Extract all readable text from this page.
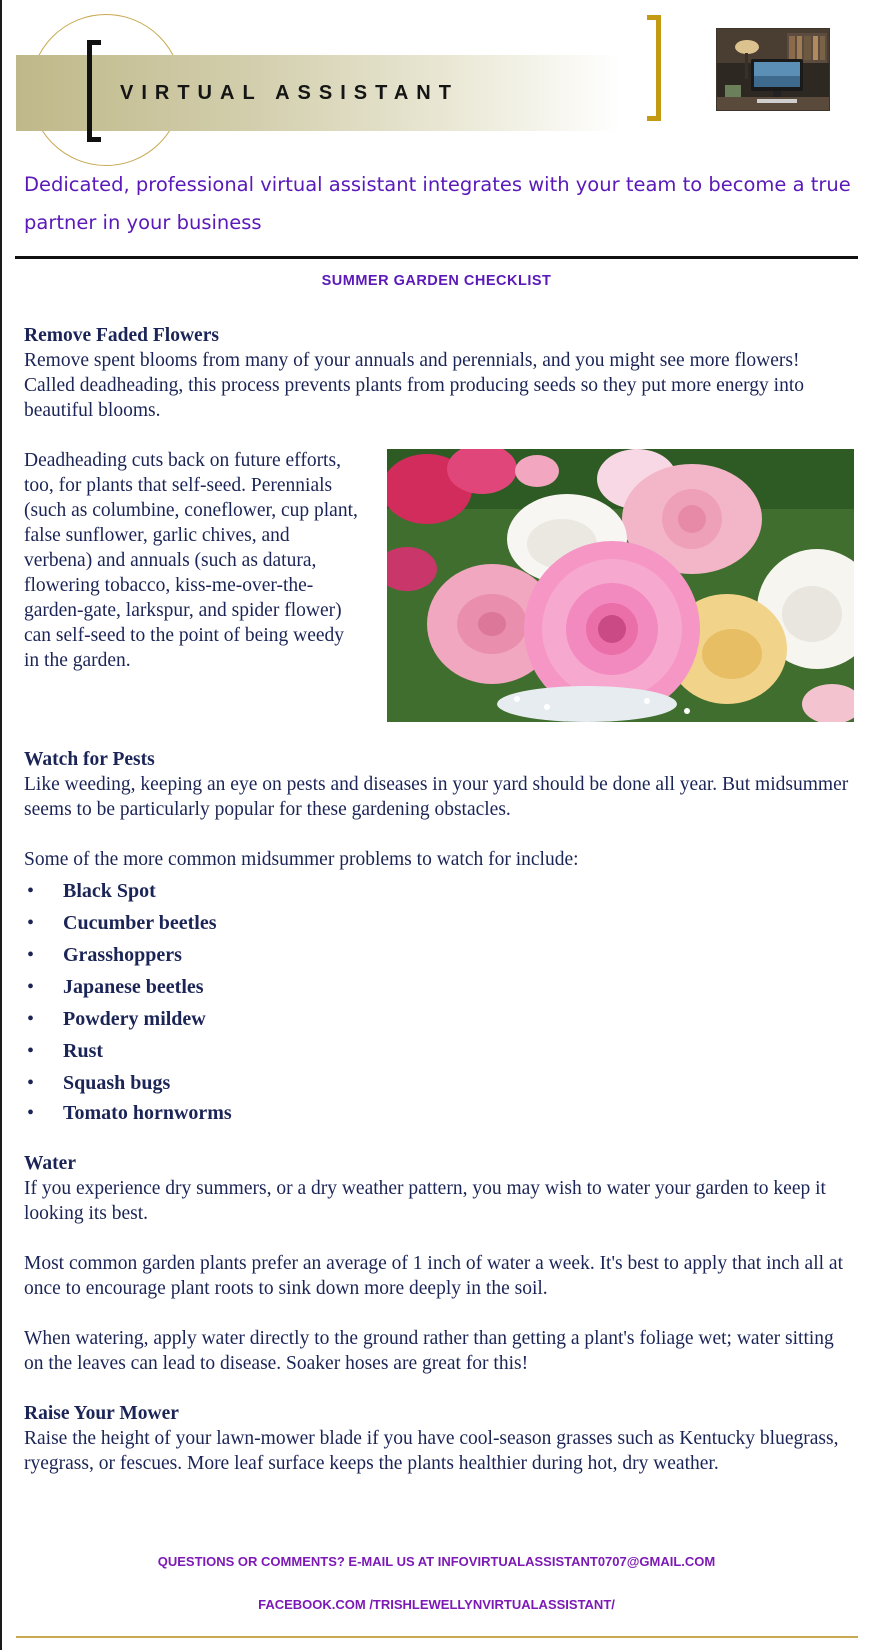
VIRTUAL ASSISTANT
Dedicated, professional virtual assistant integrates with your team to become a true partner in your business
SUMMER GARDEN CHECKLIST

Remove Faded Flowers

Remove spent blooms from many of your annuals and perennials, and you might see more flowers! Called deadheading, this process prevents plants from producing seeds so they put more energy into beautiful blooms.

Deadheading cuts back on future efforts, too, for plants that self-seed. Perennials (such as columbine, coneflower, cup plant, false sunflower, garlic chives, and verbena) and annuals (such as datura, flowering tobacco, kiss-me-over-the-garden-gate, larkspur, and spider flower) can self-seed to the point of being weedy in the garden.

Watch for Pests

Like weeding, keeping an eye on pests and diseases in your yard should be done all year. But midsummer seems to be particularly popular for these gardening obstacles.

Some of the more common midsummer problems to watch for include:

• Black Spot
• Cucumber beetles
• Grasshoppers
• Japanese beetles
• Powdery mildew
• Rust
• Squash bugs
• Tomato hornworms

Water

If you experience dry summers, or a dry weather pattern, you may wish to water your garden to keep it looking its best.

Most common garden plants prefer an average of 1 inch of water a week. It's best to apply that inch all at once to encourage plant roots to sink down more deeply in the soil.

When watering, apply water directly to the ground rather than getting a plant's foliage wet; water sitting on the leaves can lead to disease. Soaker hoses are great for this!

Raise Your Mower

Raise the height of your lawn-mower blade if you have cool-season grasses such as Kentucky bluegrass, ryegrass, or fescues. More leaf surface keeps the plants healthier during hot, dry weather.

QUESTIONS OR COMMENTS? E-MAIL US AT INFOVIRTUALASSISTANT0707@GMAIL.COM
FACEBOOK.COM /TRISHLEWELLYNVIRTUALASSISTANT/
